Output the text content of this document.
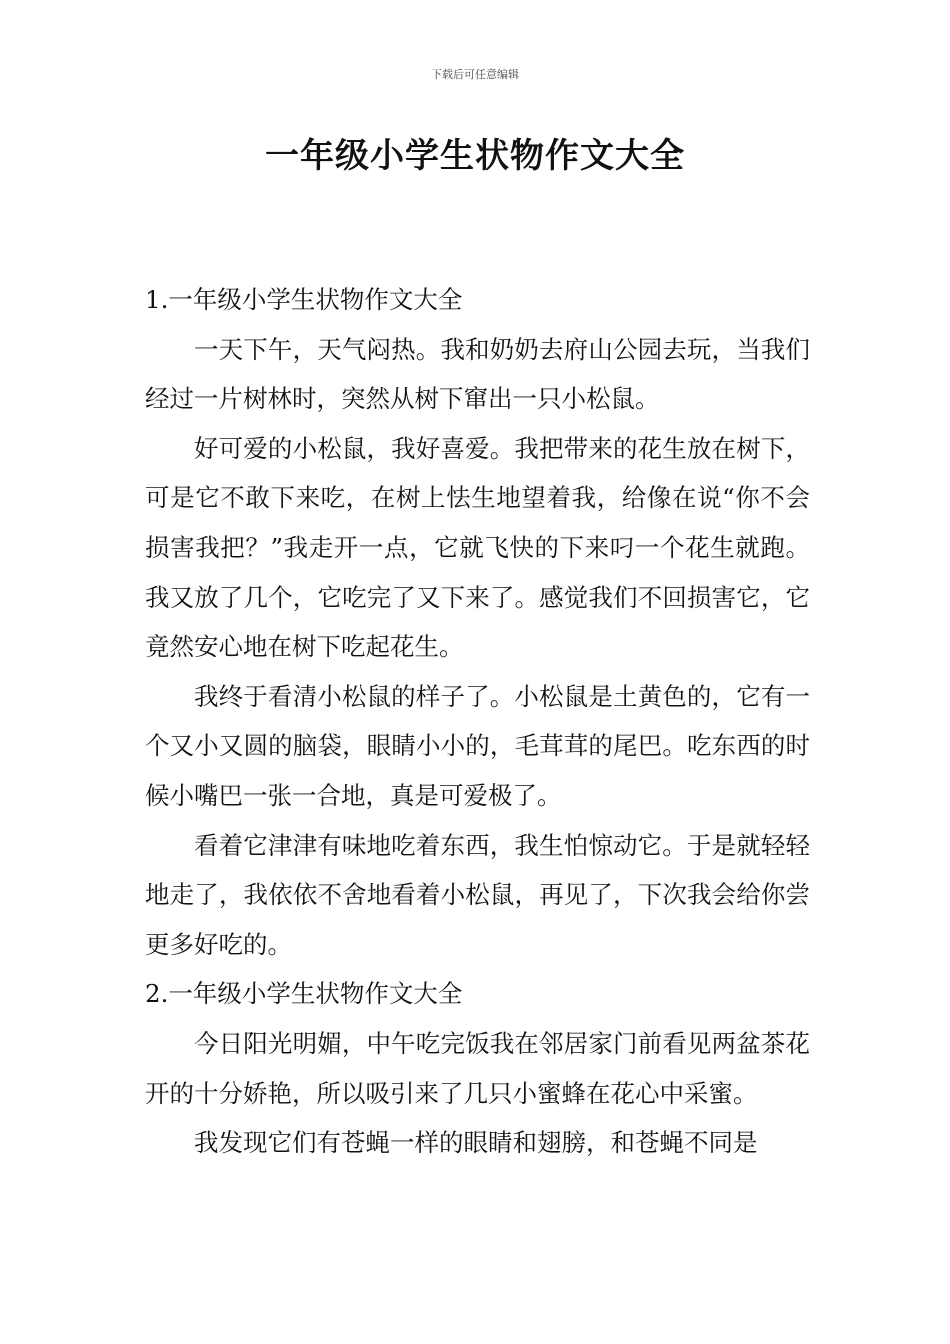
下载后可任意编辑
一年级小学生状物作文大全

1.一年级小学生状物作文大全

一天下午，天气闷热。我和奶奶去府山公园去玩，当我们经过一片树林时，突然从树下窜出一只小松鼠。

好可爱的小松鼠，我好喜爱。我把带来的花生放在树下，可是它不敢下来吃，在树上怯生地望着我，给像在说“你不会损害我把？”我走开一点，它就飞快的下来叼一个花生就跑。我又放了几个，它吃完了又下来了。感觉我们不回损害它，它竟然安心地在树下吃起花生。

我终于看清小松鼠的样子了。小松鼠是土黄色的，它有一个又小又圆的脑袋，眼睛小小的，毛茸茸的尾巴。吃东西的时候小嘴巴一张一合地，真是可爱极了。

看着它津津有味地吃着东西，我生怕惊动它。于是就轻轻地走了，我依依不舍地看着小松鼠，再见了，下次我会给你尝更多好吃的。

2.一年级小学生状物作文大全

今日阳光明媚，中午吃完饭我在邻居家门前看见两盆茶花开的十分娇艳，所以吸引来了几只小蜜蜂在花心中采蜜。

我发现它们有苍蝇一样的眼睛和翅膀，和苍蝇不同是
